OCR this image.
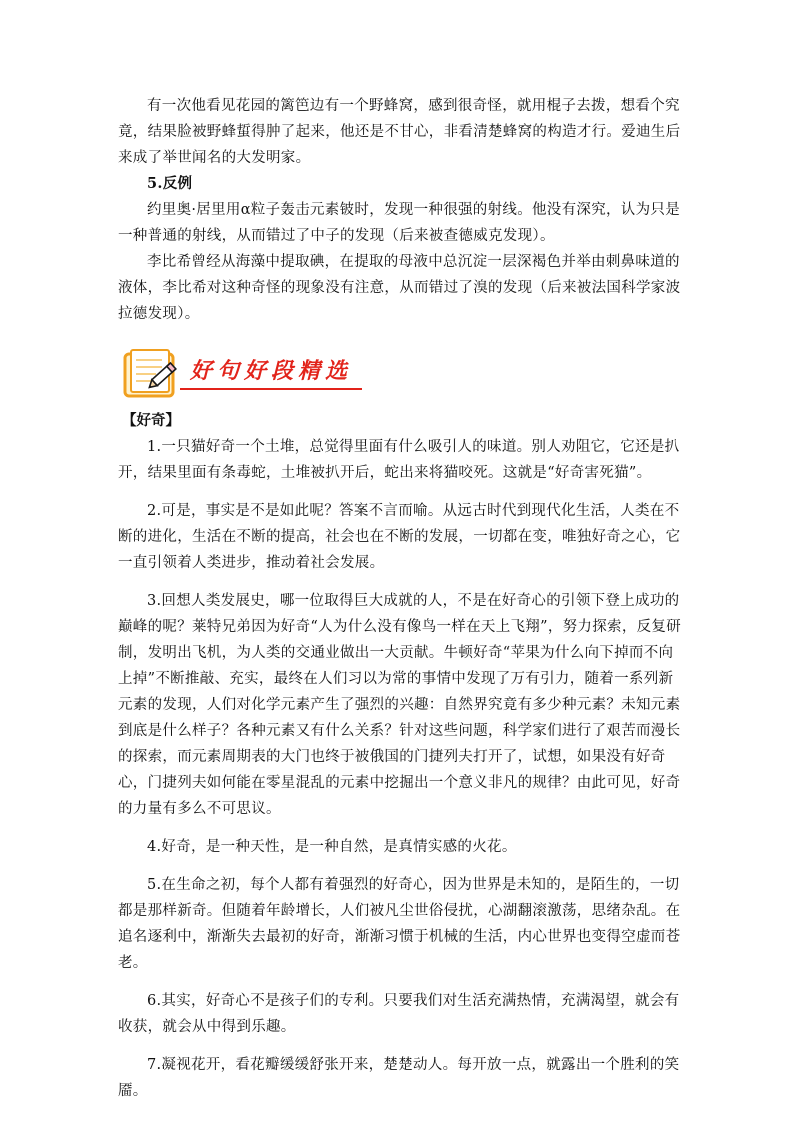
有一次他看见花园的篱笆边有一个野蜂窝，感到很奇怪，就用棍子去拨，想看个究竟，结果脸被野蜂蜇得肿了起来，他还是不甘心，非看清楚蜂窝的构造才行。爱迪生后来成了举世闻名的大发明家。

5.反例

约里奥·居里用α粒子轰击元素铍时，发现一种很强的射线。他没有深究，认为只是一种普通的射线，从而错过了中子的发现（后来被查德威克发现）。

李比希曾经从海藻中提取碘，在提取的母液中总沉淀一层深褐色并举由刺鼻味道的液体，李比希对这种奇怪的现象没有注意，从而错过了溴的发现（后来被法国科学家波拉德发现）。

好句好段精选
【好奇】

1.一只猫好奇一个土堆，总觉得里面有什么吸引人的味道。别人劝阻它，它还是扒开，结果里面有条毒蛇，土堆被扒开后，蛇出来将猫咬死。这就是“好奇害死猫”。

2.可是，事实是不是如此呢？答案不言而喻。从远古时代到现代化生活，人类在不断的进化，生活在不断的提高，社会也在不断的发展，一切都在变，唯独好奇之心，它一直引领着人类进步，推动着社会发展。

3.回想人类发展史，哪一位取得巨大成就的人，不是在好奇心的引领下登上成功的巅峰的呢？莱特兄弟因为好奇“人为什么没有像鸟一样在天上飞翔”，努力探索，反复研制，发明出飞机，为人类的交通业做出一大贡献。牛顿好奇“苹果为什么向下掉而不向上掉”不断推敲、充实，最终在人们习以为常的事情中发现了万有引力，随着一系列新元素的发现，人们对化学元素产生了强烈的兴趣：自然界究竟有多少种元素？未知元素到底是什么样子？各种元素又有什么关系？针对这些问题，科学家们进行了艰苦而漫长的探索，而元素周期表的大门也终于被俄国的门捷列夫打开了，试想，如果没有好奇心，门捷列夫如何能在零星混乱的元素中挖掘出一个意义非凡的规律？由此可见，好奇的力量有多么不可思议。

4.好奇，是一种天性，是一种自然，是真情实感的火花。

5.在生命之初，每个人都有着强烈的好奇心，因为世界是未知的，是陌生的，一切都是那样新奇。但随着年龄增长，人们被凡尘世俗侵扰，心湖翻滚激荡，思绪杂乱。在追名逐利中，渐渐失去最初的好奇，渐渐习惯于机械的生活，内心世界也变得空虚而苍老。

6.其实，好奇心不是孩子们的专利。只要我们对生活充满热情，充满渴望，就会有收获，就会从中得到乐趣。

7.凝视花开，看花瓣缓缓舒张开来，楚楚动人。每开放一点，就露出一个胜利的笑靥。
